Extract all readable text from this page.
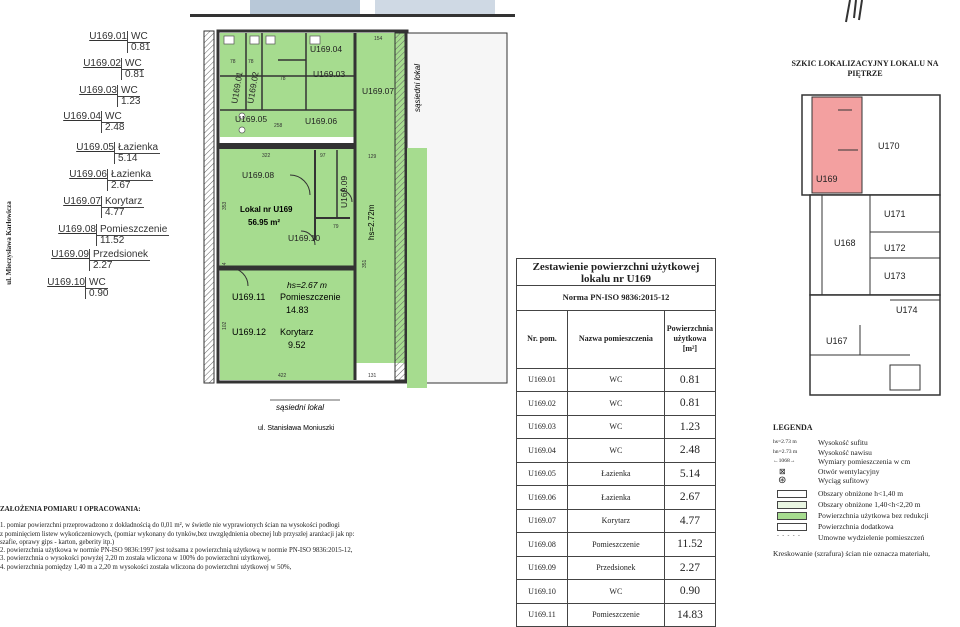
U169.01 WC
0.81
U169.02 WC
0.81
U169.03 WC
1.23
U169.04 WC
2.48
U169.05 Łazienka
5.14
U169.06 Łazienka
2.67
U169.07 Korytarz
4.77
U169.08 Pomieszczenie
11.52
U169.09 Przedsionek
2.27
U169.10 WC
0.90
ul. Mieczysława Karłowicza
U169.04
U169.03
U169.07
U169.05	U169.06
U169.08
U169.10
U169.01 U169.02
U169.09
Lokal nr U169
56.95 m²	hs=2.72m
hs=2.67 m
U169.11 Pomieszczenie
14.83
U169.12 Korytarz
9.52
154
78 78
78
258
322	97	129
79
422	131
44
353
351
102
sąsiedni lokal
sąsiedni lokal
ul. Stanisława Moniuszki
Zestawienie powierzchni użytkowej lokalu nr U169		
Norma PN-ISO 9836:2015-12		
Nr. pom.	Nazwa pomieszczenia	Powierzchnia użytkowa [m²]
U169.01	WC	0.81
U169.02	WC	0.81
U169.03	WC	1.23
U169.04	WC	2.48
U169.05	Łazienka	5.14
U169.06	Łazienka	2.67
U169.07	Korytarz	4.77
U169.08	Pomieszczenie	11.52
U169.09	Przedsionek	2.27
U169.10	WC	0.90
U169.11	Pomieszczenie	14.83
ZAŁOŻENIA POMIARU I OPRACOWANIA:
1. pomiar powierzchni przeprowadzono z dokładnością do 0,01 m², w świetle nie wyprawionych ścian na wysokości podłogi
z pominięciem listew wykończeniowych, (pomiar wykonany do tynków,bez uwzględnienia obecnej lub przyszłej aranżacji jak np:
szafie, oprawy gips - karton, geberity itp.)
2. powierzchnia użytkowa w normie PN-ISO 9836:1997 jest tożsama z powierzchnią użytkową w normie PN-ISO 9836:2015-12,
3. powierzchnia o wysokości powyżej 2,20 m została wliczona w 100% do powierzchni użytkowej,
4. powierzchnia pomiędzy 1,40 m a 2,20 m wysokości została wliczona do powierzchni użytkowej w 50%,
SZKIC LOKALIZACYJNY LOKALU NA PIĘTRZE
U170
U169
U171
U168	U172
U173
U174
U167
LEGENDA
hs=2.73 m	Wysokość sufitu
hn=2.73 m	Wysokość nawisu
←1068→	Wymiary pomieszczenia w cm
⊠	Otwór wentylacyjny
⊛	Wyciąg sufitowy
Obszary obniżone h<1,40 m
Obszary obniżone 1,40<h<2,20 m
Powierzchnia użytkowa bez redukcji
Powierzchnia dodatkowa
- - - - -	Umowne wydzielenie pomieszczeń
Kreskowanie (szrafura) ścian nie oznacza materiału,
